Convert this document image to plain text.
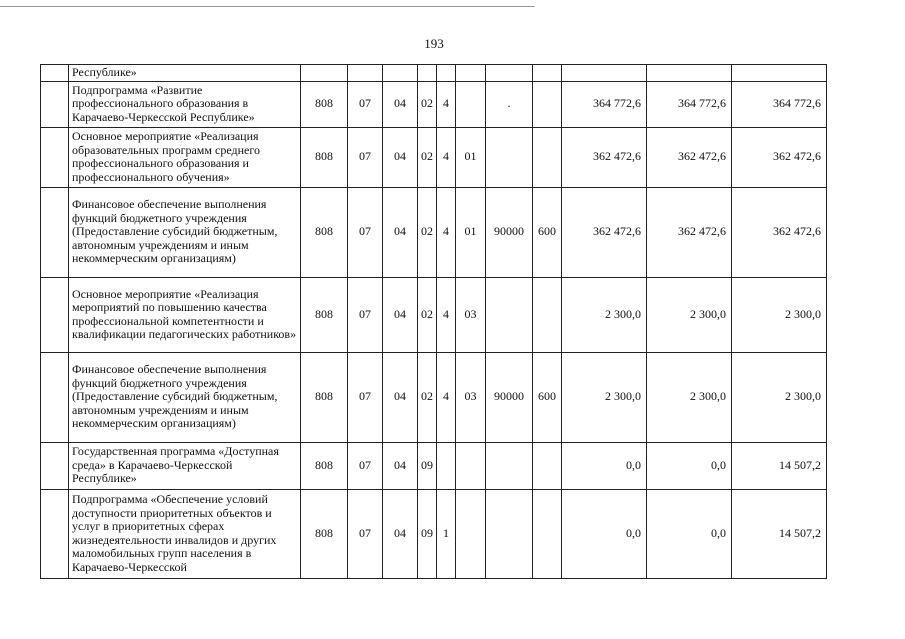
193
	Республике»											
	Подпрограмма «Развитие профессионального образования в Карачаево-Черкесской Республике»	808	07	04	02	4		.		364 772,6	364 772,6	364 772,6
	Основное мероприятие «Реализация образовательных программ среднего профессионального образования и профессионального обучения»	808	07	04	02	4	01			362 472,6	362 472,6	362 472,6
	Финансовое обеспечение выполнения функций бюджетного учреждения (Предоставление субсидий бюджетным, автономным учреждениям и иным некоммерческим организациям)	808	07	04	02	4	01	90000	600	362 472,6	362 472,6	362 472,6
	Основное мероприятие «Реализация мероприятий по повышению качества профессиональной компетентности и квалификации педагогических работников»	808	07	04	02	4	03			2 300,0	2 300,0	2 300,0
	Финансовое обеспечение выполнения функций бюджетного учреждения (Предоставление субсидий бюджетным, автономным учреждениям и иным некоммерческим организациям)	808	07	04	02	4	03	90000	600	2 300,0	2 300,0	2 300,0
	Государственная программа «Доступная среда» в Карачаево-Черкесской Республике»	808	07	04	09					0,0	0,0	14 507,2
	Подпрограмма «Обеспечение условий доступности приоритетных объектов и услуг в приоритетных сферах жизнедеятельности инвалидов и других маломобильных групп населения в Карачаево-Черкесской	808	07	04	09	1				0,0	0,0	14 507,2
